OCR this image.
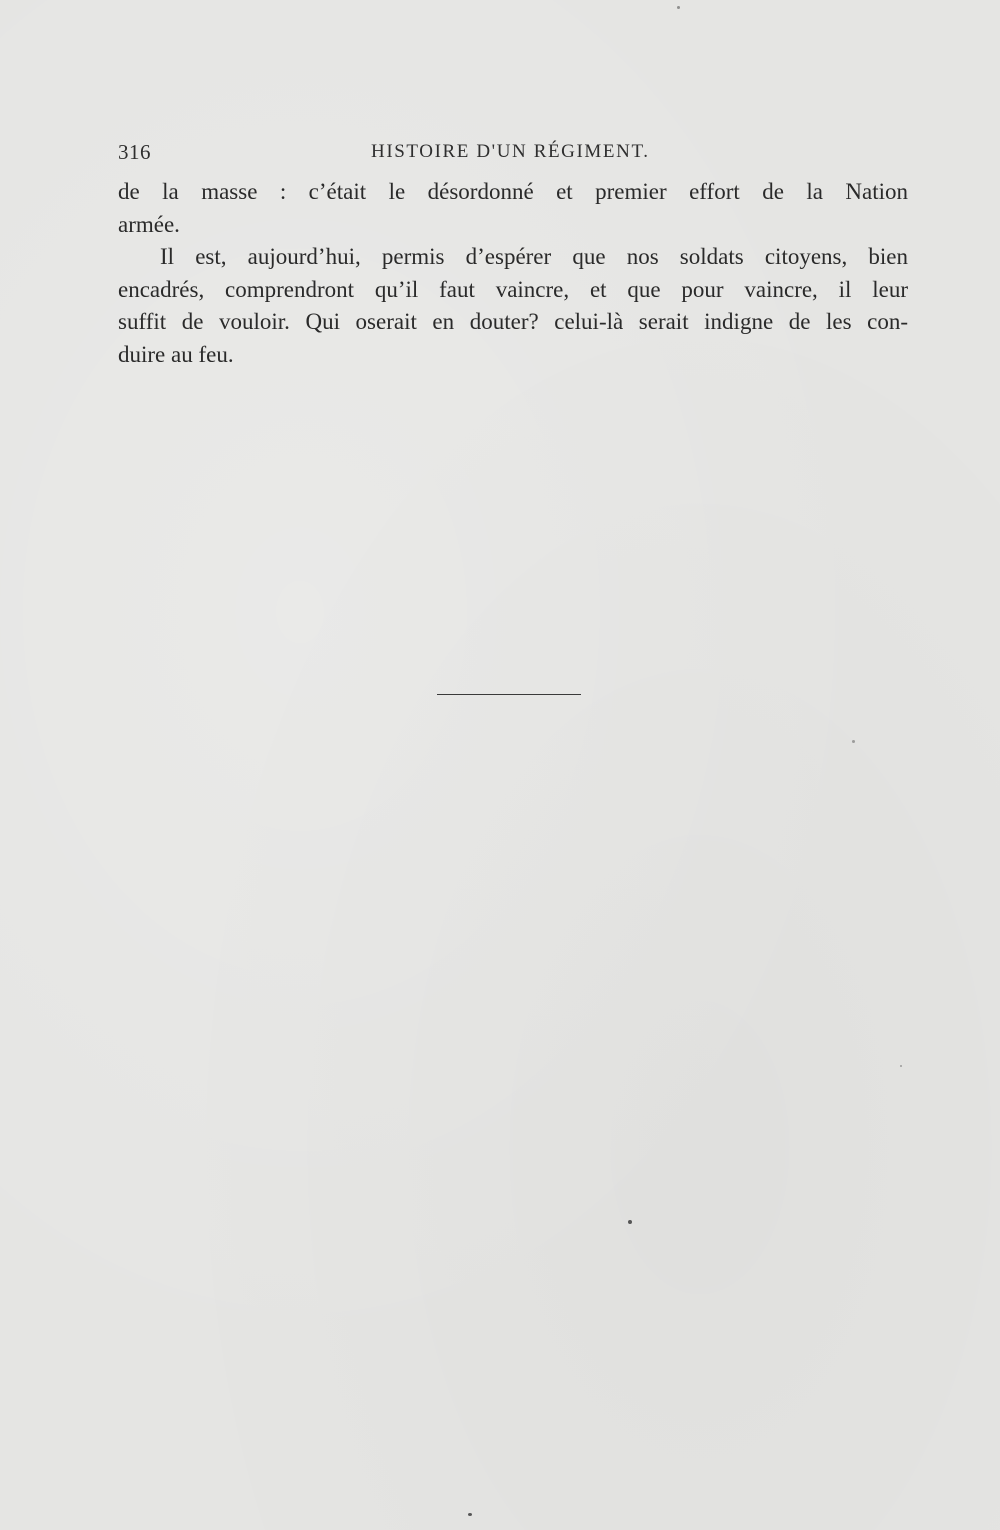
316	HISTOIRE D'UN RÉGIMENT.
de la masse : c’était le désordonné et premier effort de la Nation
armée.
Il est, aujourd’hui, permis d’espérer que nos soldats citoyens, bien
encadrés, comprendront qu’il faut vaincre, et que pour vaincre, il leur
suffit de vouloir. Qui oserait en douter? celui-là serait indigne de les con-
duire au feu.
